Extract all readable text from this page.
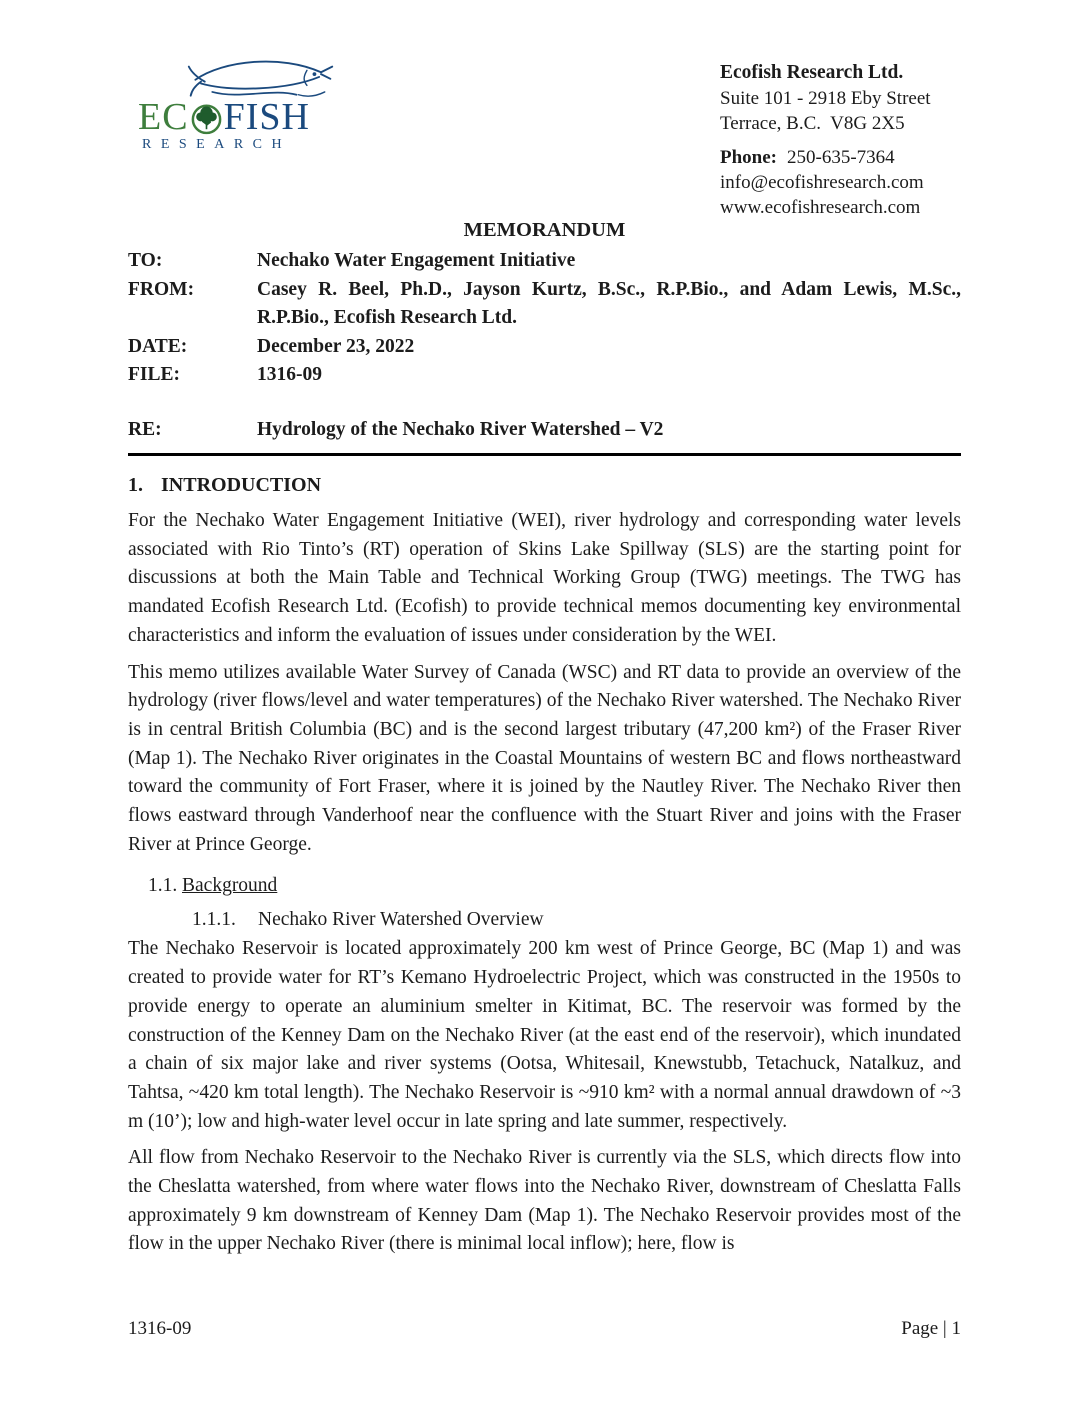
EC FISH
RESEARCH
Ecofish Research Ltd.
Suite 101 - 2918 Eby Street
Terrace, B.C.  V8G 2X5
Phone: 250-635-7364
info@ecofishresearch.com
www.ecofishresearch.com
MEMORANDUM
TO:	Nechako Water Engagement Initiative
FROM:	Casey R. Beel, Ph.D., Jayson Kurtz, B.Sc., R.P.Bio., and Adam Lewis, M.Sc., R.P.Bio., Ecofish Research Ltd.
DATE:	December 23, 2022
FILE:	1316-09
RE:	Hydrology of the Nechako River Watershed – V2
1. INTRODUCTION

For the Nechako Water Engagement Initiative (WEI), river hydrology and corresponding water levels associated with Rio Tinto’s (RT) operation of Skins Lake Spillway (SLS) are the starting point for discussions at both the Main Table and Technical Working Group (TWG) meetings. The TWG has mandated Ecofish Research Ltd. (Ecofish) to provide technical memos documenting key environmental characteristics and inform the evaluation of issues under consideration by the WEI.

This memo utilizes available Water Survey of Canada (WSC) and RT data to provide an overview of the hydrology (river flows/level and water temperatures) of the Nechako River watershed. The Nechako River is in central British Columbia (BC) and is the second largest tributary (47,200 km²) of the Fraser River (Map 1). The Nechako River originates in the Coastal Mountains of western BC and flows northeastward toward the community of Fort Fraser, where it is joined by the Nautley River. The Nechako River then flows eastward through Vanderhoof near the confluence with the Stuart River and joins with the Fraser River at Prince George.

1.1. Background
1.1.1. Nechako River Watershed Overview

The Nechako Reservoir is located approximately 200 km west of Prince George, BC (Map 1) and was created to provide water for RT’s Kemano Hydroelectric Project, which was constructed in the 1950s to provide energy to operate an aluminium smelter in Kitimat, BC. The reservoir was formed by the construction of the Kenney Dam on the Nechako River (at the east end of the reservoir), which inundated a chain of six major lake and river systems (Ootsa, Whitesail, Knewstubb, Tetachuck, Natalkuz, and Tahtsa, ~420 km total length). The Nechako Reservoir is ~910 km² with a normal annual drawdown of ~3 m (10’); low and high-water level occur in late spring and late summer, respectively.

All flow from Nechako Reservoir to the Nechako River is currently via the SLS, which directs flow into the Cheslatta watershed, from where water flows into the Nechako River, downstream of Cheslatta Falls approximately 9 km downstream of Kenney Dam (Map 1). The Nechako Reservoir provides most of the flow in the upper Nechako River (there is minimal local inflow); here, flow is

1316-09	Page | 1
